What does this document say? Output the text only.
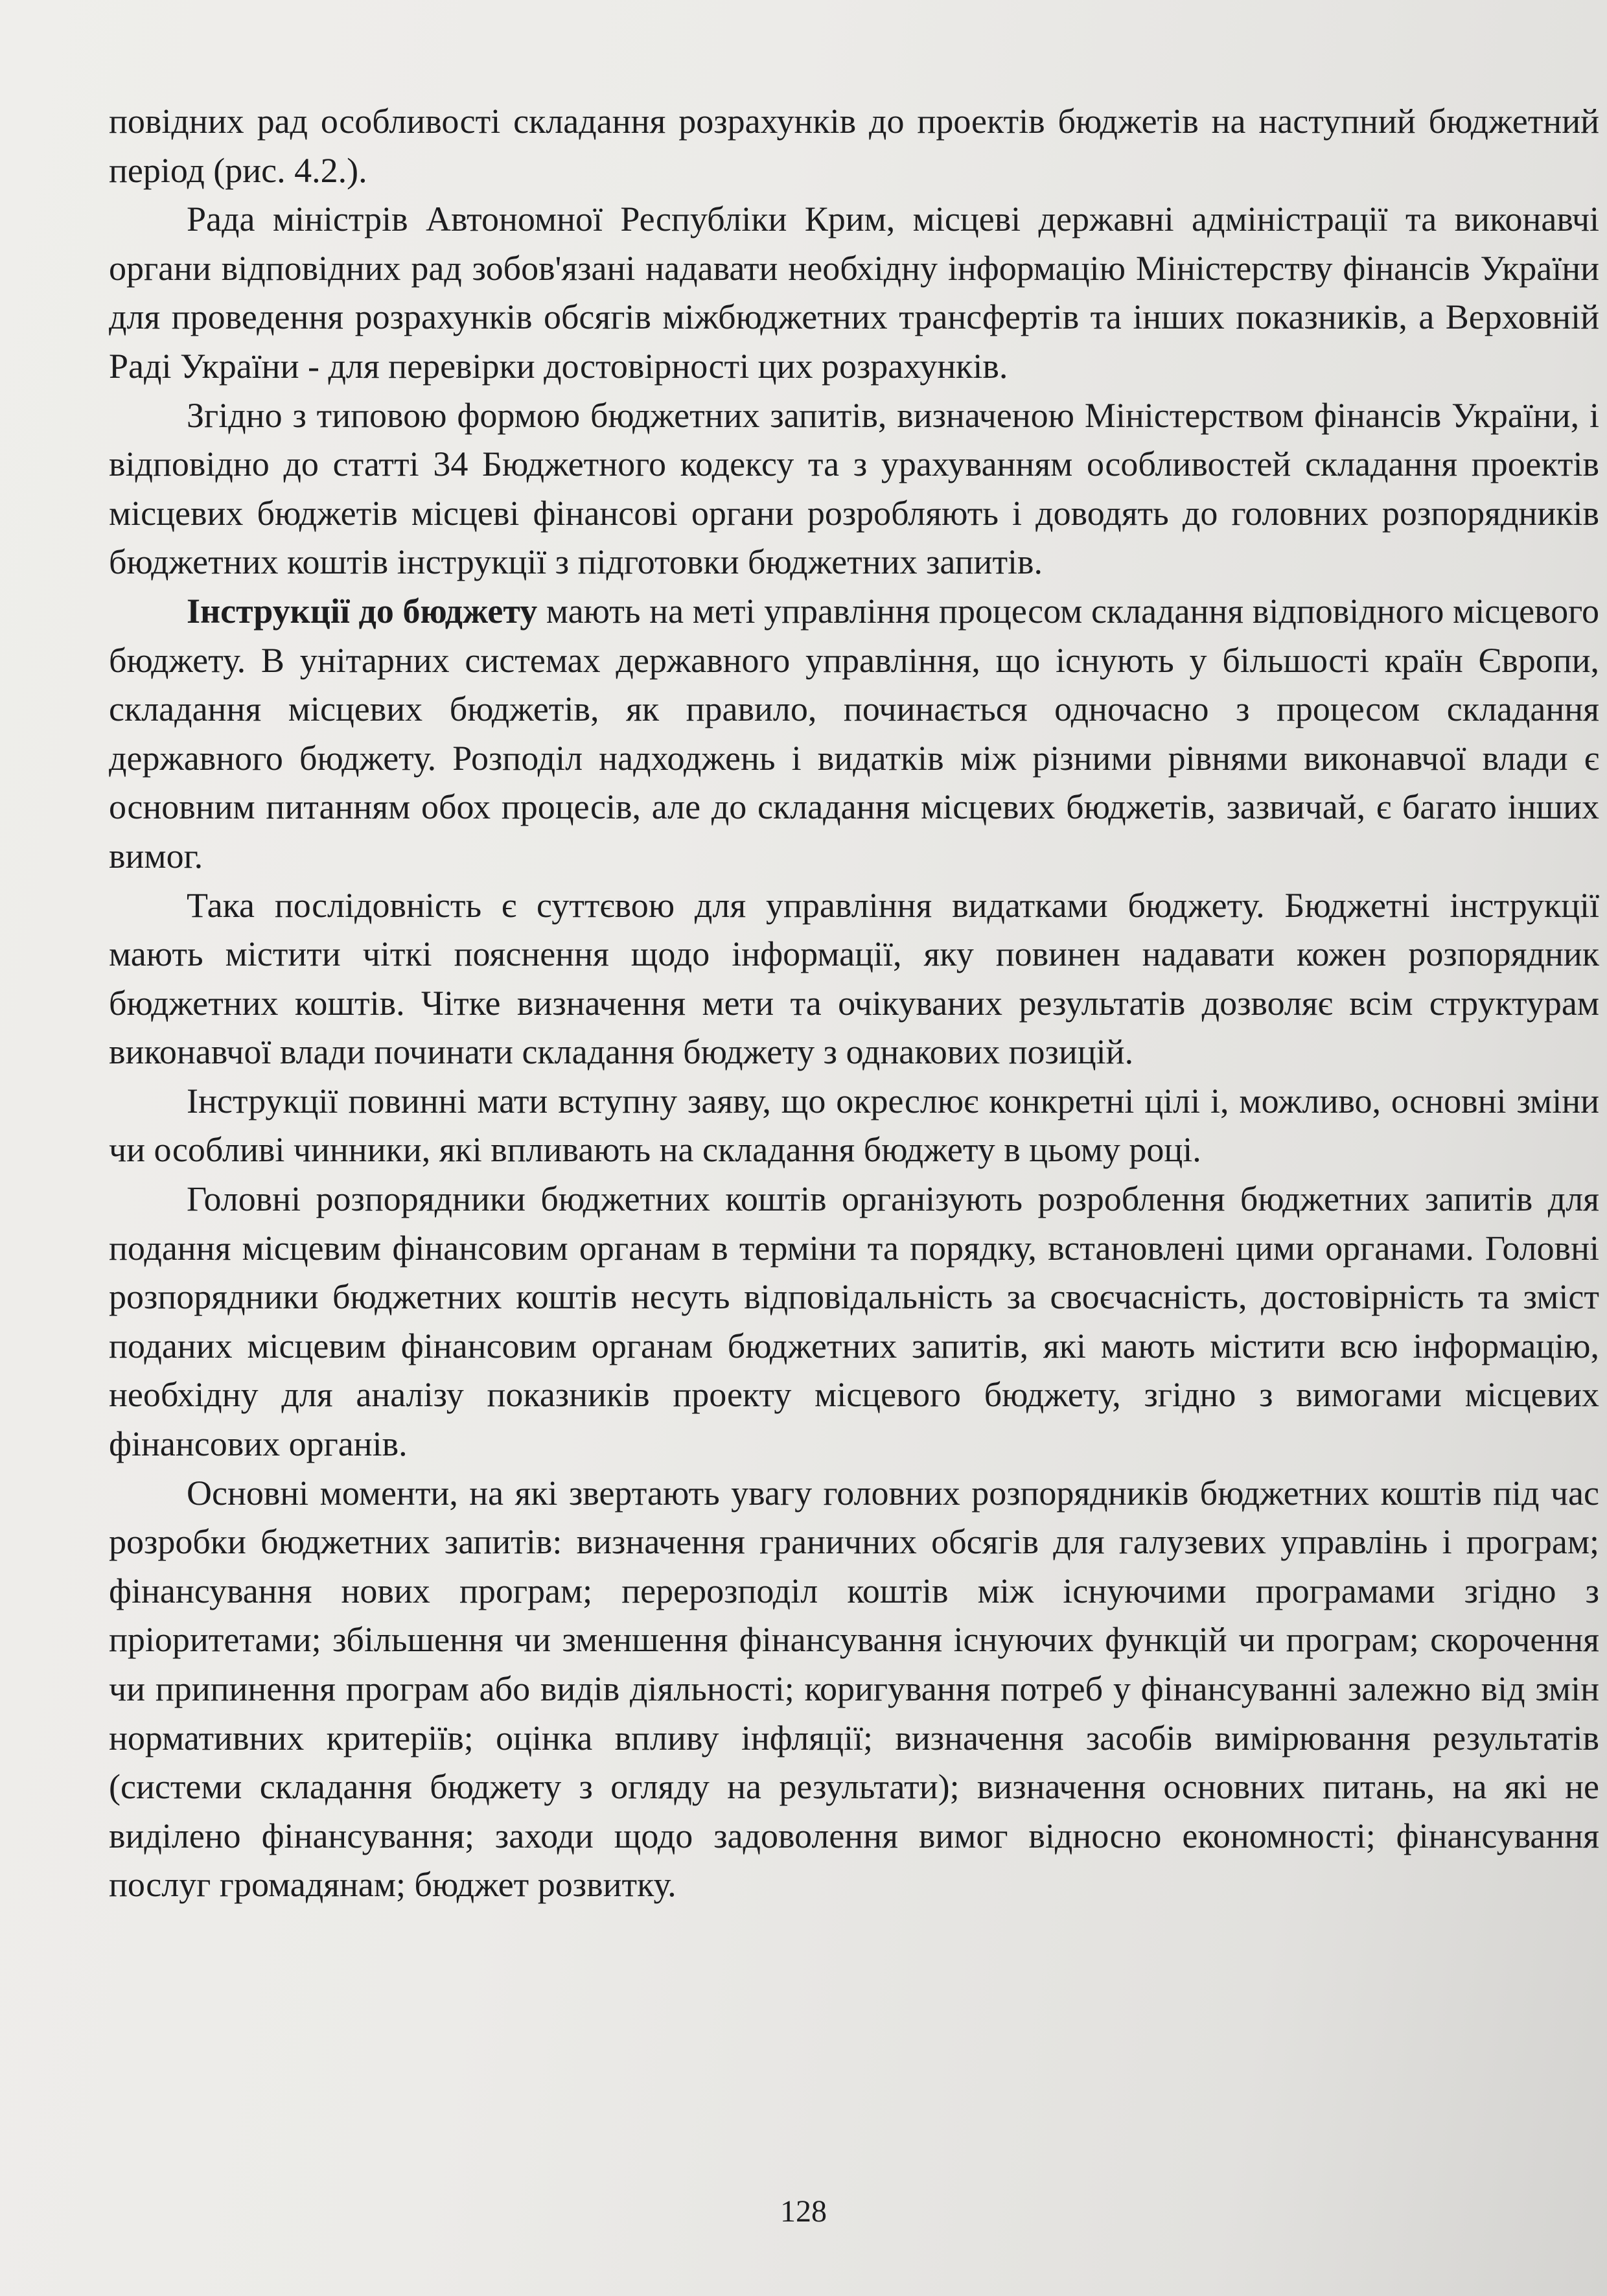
повідних рад особливості складання розрахунків до проектів бюджетів на наступний бюджетний період (рис. 4.2.).

Рада міністрів Автономної Республіки Крим, місцеві державні адміністрації та виконавчі органи відповідних рад зобов'язані надавати необхідну інформацію Міністерству фінансів України для проведення розрахунків обсягів міжбюджетних трансфертів та інших показників, а Верховній Раді України - для перевірки достовірності цих розрахунків.

Згідно з типовою формою бюджетних запитів, визначеною Міністерством фінансів України, і відповідно до статті 34 Бюджетного кодексу та з урахуванням особливостей складання проектів місцевих бюджетів місцеві фінансові органи розробляють і доводять до головних розпорядників бюджетних коштів інструкції з підготовки бюджетних запитів.

Інструкції до бюджету мають на меті управління процесом складання відповідного місцевого бюджету. В унітарних системах державного управління, що існують у більшості країн Європи, складання місцевих бюджетів, як правило, починається одночасно з процесом складання державного бюджету. Розподіл надходжень і видатків між різними рівнями виконавчої влади є основним питанням обох процесів, але до складання місцевих бюджетів, зазвичай, є багато інших вимог.

Така послідовність є суттєвою для управління видатками бюджету. Бюджетні інструкції мають містити чіткі пояснення щодо інформації, яку повинен надавати кожен розпорядник бюджетних коштів. Чітке визначення мети та очікуваних результатів дозволяє всім структурам виконавчої влади починати складання бюджету з однакових позицій.

Інструкції повинні мати вступну заяву, що окреслює конкретні цілі і, можливо, основні зміни чи особливі чинники, які впливають на складання бюджету в цьому році.

Головні розпорядники бюджетних коштів організують розроблення бюджетних запитів для подання місцевим фінансовим органам в терміни та порядку, встановлені цими органами. Головні розпорядники бюджетних коштів несуть відповідальність за своєчасність, достовірність та зміст поданих місцевим фінансовим органам бюджетних запитів, які мають містити всю інформацію, необхідну для аналізу показників проекту місцевого бюджету, згідно з вимогами місцевих фінансових органів.

Основні моменти, на які звертають увагу головних розпорядників бюджетних коштів під час розробки бюджетних запитів: визначення граничних обсягів для галузевих управлінь і програм; фінансування нових програм; перерозподіл коштів між існуючими програмами згідно з пріоритетами; збільшення чи зменшення фінансування існуючих функцій чи програм; скорочення чи припинення програм або видів діяльності; коригування потреб у фінансуванні залежно від змін нормативних критеріїв; оцінка впливу інфляції; визначення засобів вимірювання результатів (системи складання бюджету з огляду на результати); визначення основних питань, на які не виділено фінансування; заходи щодо задоволення вимог відносно економності; фінансування послуг громадянам; бюджет розвитку.

128
